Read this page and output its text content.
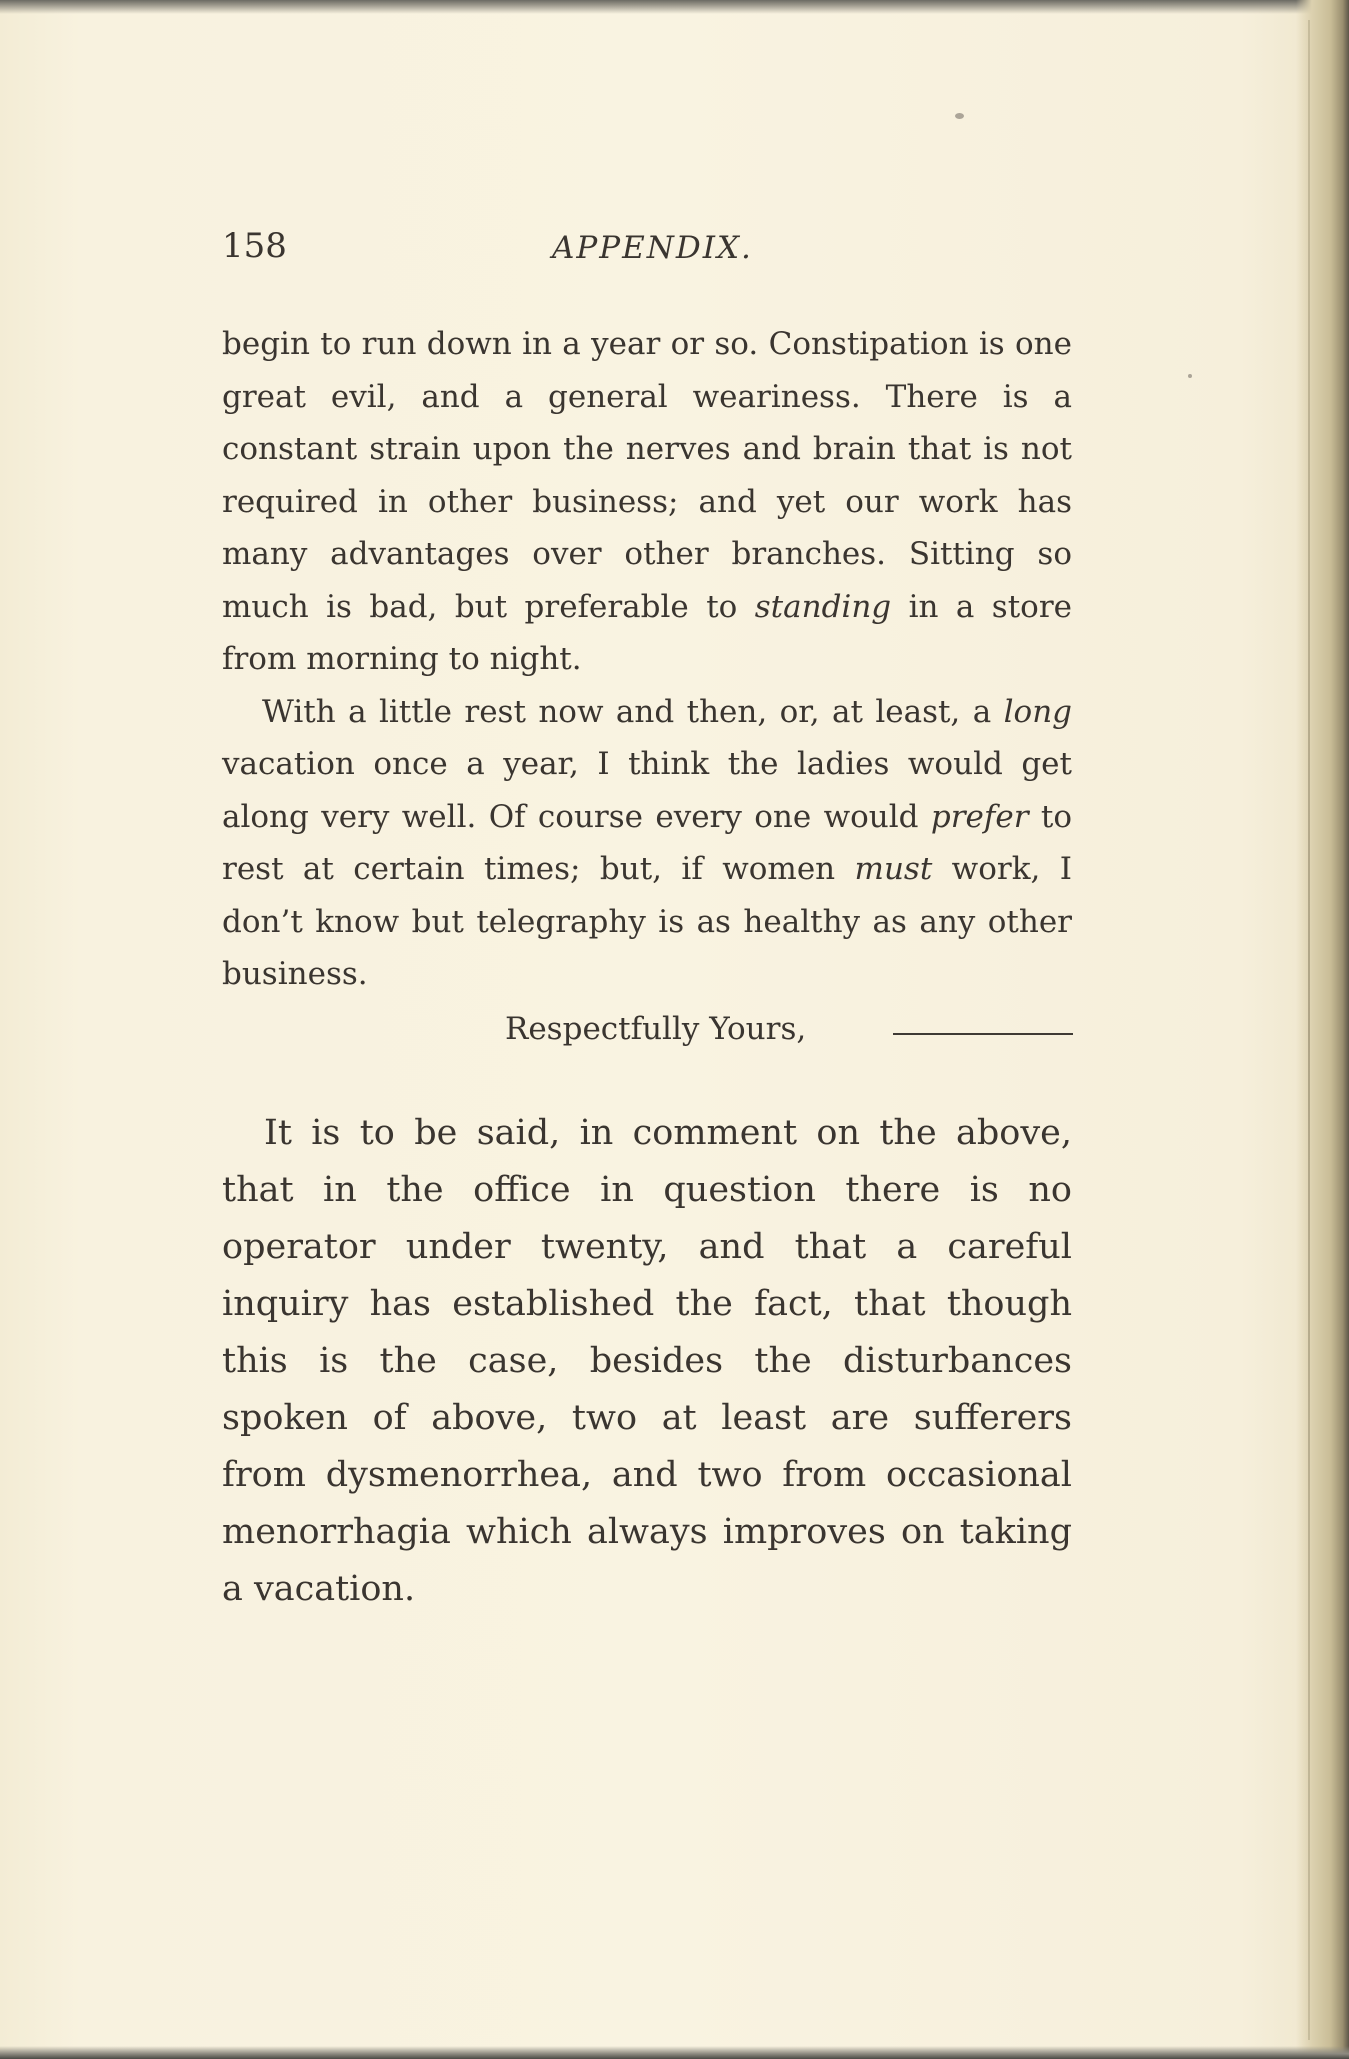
158	APPENDIX.

begin to run down in a year or so. Constipation is one great evil, and a general weariness. There is a constant strain upon the nerves and brain that is not required in other business; and yet our work has many advantages over other branches. Sitting so much is bad, but preferable to standing in a store from morning to night.

With a little rest now and then, or, at least, a long vacation once a year, I think the ladies would get along very well. Of course every one would prefer to rest at certain times; but, if women must work, I don’t know but telegraphy is as healthy as any other business.

Respectfully Yours,

It is to be said, in comment on the above, that in the office in question there is no operator under twenty, and that a careful inquiry has established the fact, that though this is the case, besides the disturbances spoken of above, two at least are sufferers from dysmenorrhea, and two from occasional menorrhagia which always improves on taking a vacation.
